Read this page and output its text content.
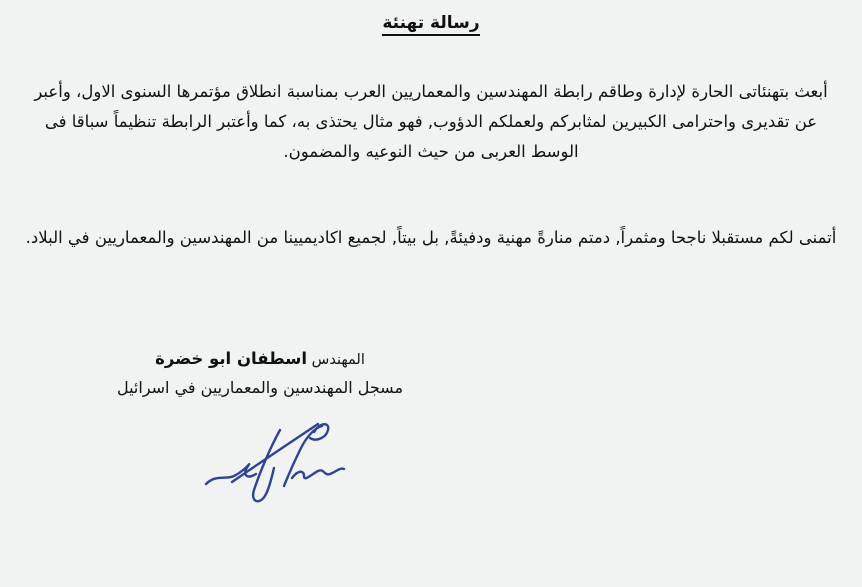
رسالة تهنئة

أبعث بتهنئاتى الحارة لإدارة وطاقم رابطة المهندسين والمعماريين العرب بمناسبة انطلاق مؤتمرها السنوى الاول، وأعبر عن تقديرى واحترامى الكبيرين لمثابركم ولعملكم الدؤوب, فهو مثال يحتذى به، كما وأعتبر الرابطة تنظيماً سباقا فى الوسط العربى من حيث النوعيه والمضمون.

أتمنى لكم مستقبلا ناجحا ومثمراً, دمتم منارةً مهنية ودفيئةً, بل بيتاً, لجميع اكاديميينا من المهندسين والمعماريين في البلاد.

المهندس اسطفان ابو خضرة
مسجل المهندسين والمعماريين في اسرائيل
